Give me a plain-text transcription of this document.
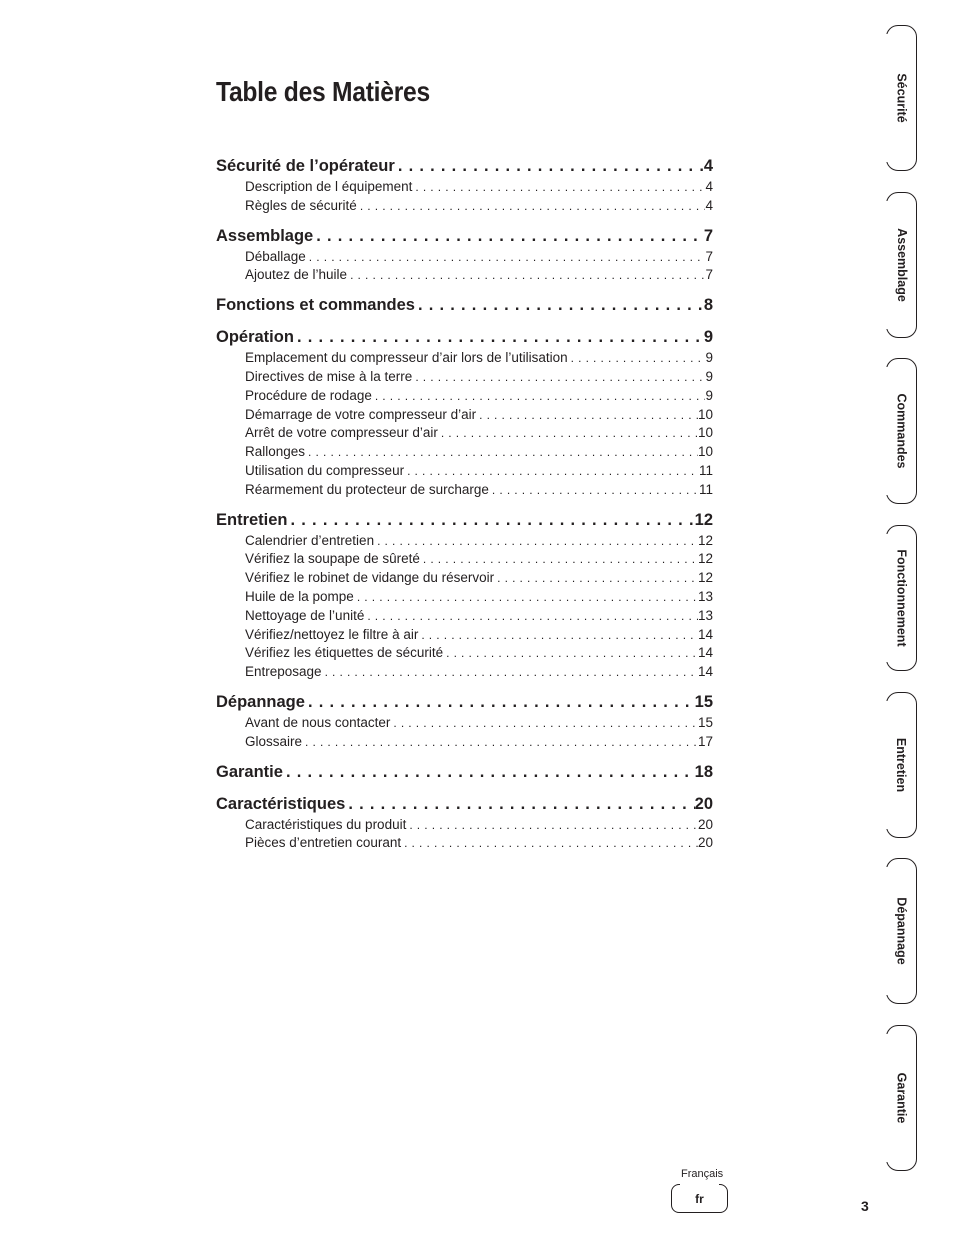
Table des Matières
Sécurité de l’opérateur . . .	4
Description de l équipement . . .	4
Règles de sécurité . . .	4
Assemblage . . .	7
Déballage . . .	7
Ajoutez de l’huile . . .	7
Fonctions et commandes . . .	8
Opération . . .	9
Emplacement du compresseur d’air lors de l’utilisation . . .	9
Directives de mise à la terre . . .	9
Procédure de rodage . . .	9
Démarrage de votre compresseur d’air . . .	10
Arrêt de votre compresseur d’air . . .	10
Rallonges . . .	10
Utilisation du compresseur . . .	11
Réarmement du protecteur de surcharge . . .	11
Entretien . . .	12
Calendrier d’entretien . . .	12
Vérifiez la soupape de sûreté . . .	12
Vérifiez le robinet de vidange du réservoir . . .	12
Huile de la pompe . . .	13
Nettoyage de l’unité . . .	13
Vérifiez/nettoyez le filtre à air . . .	14
Vérifiez les étiquettes de sécurité . . .	14
Entreposage . . .	14
Dépannage . . .	15
Avant de nous contacter . . .	15
Glossaire . . .	17
Garantie . . .	18
Caractéristiques . . .	20
Caractéristiques du produit . . .	20
Pièces d’entretien courant . . .	20
Sécurité
Assemblage
Commandes
Fonctionnement
Entretien
Dépannage
Garantie
Français
fr	3
